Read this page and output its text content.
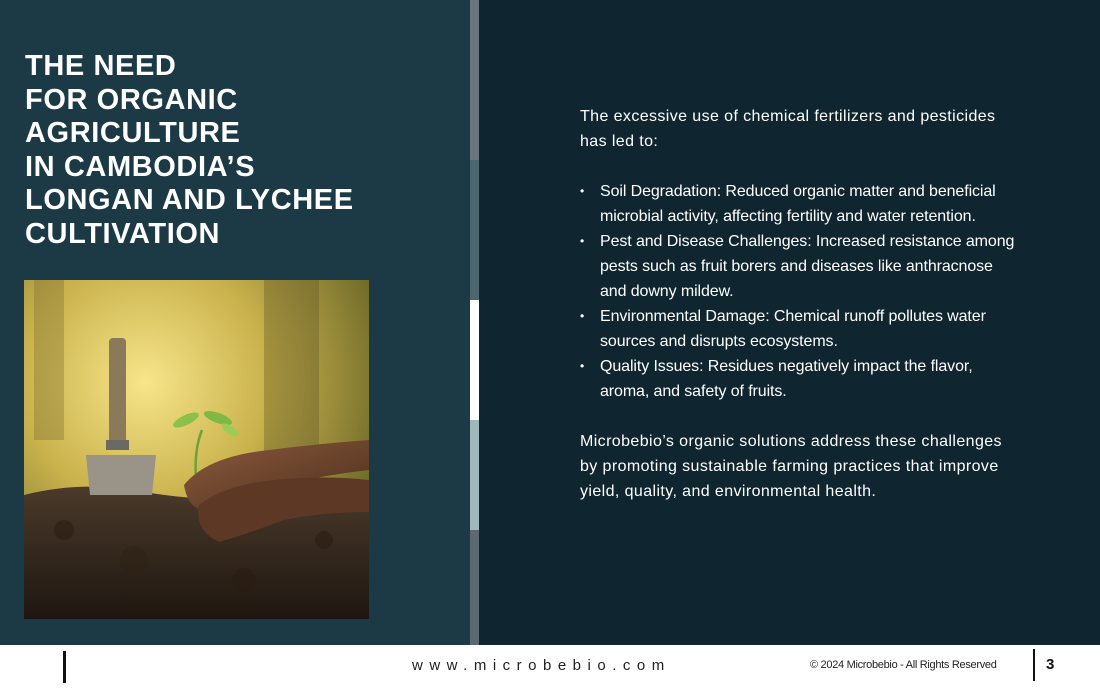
THE NEED
FOR ORGANIC
AGRICULTURE
IN CAMBODIA’S
LONGAN AND LYCHEE
CULTIVATION

The excessive use of chemical fertilizers and pesticides has led to:

• Soil Degradation: Reduced organic matter and beneficial microbial activity, affecting fertility and water retention.
• Pest and Disease Challenges: Increased resistance among pests such as fruit borers and diseases like anthracnose and downy mildew.
• Environmental Damage: Chemical runoff pollutes water sources and disrupts ecosystems.
• Quality Issues: Residues negatively impact the flavor, aroma, and safety of fruits.

Microbebio’s organic solutions address these challenges by promoting sustainable farming practices that improve yield, quality, and environmental health.

www.microbebio.com	© 2024 Microbebio - All Rights Reserved	3
